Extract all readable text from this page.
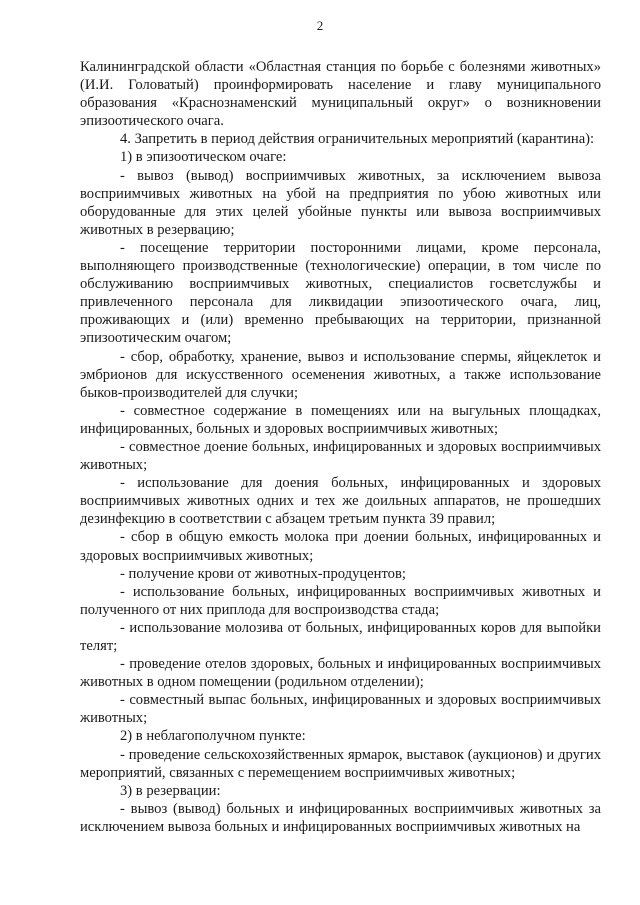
2

Калининградской области «Областная станция по борьбе с болезнями животных» (И.И. Головатый) проинформировать население и главу муниципального образования «Краснознаменский муниципальный округ» о возникновении эпизоотического очага.

4. Запретить в период действия ограничительных мероприятий (карантина):

1) в эпизоотическом очаге:

- вывоз (вывод) восприимчивых животных, за исключением вывоза восприимчивых животных на убой на предприятия по убою животных или оборудованные для этих целей убойные пункты или вывоза восприимчивых животных в резервацию;

- посещение территории посторонними лицами, кроме персонала, выполняющего производственные (технологические) операции, в том числе по обслуживанию восприимчивых животных, специалистов госветслужбы и привлеченного персонала для ликвидации эпизоотического очага, лиц, проживающих и (или) временно пребывающих на территории, признанной эпизоотическим очагом;

- сбор, обработку, хранение, вывоз и использование спермы, яйцеклеток и эмбрионов для искусственного осеменения животных, а также использование быков-производителей для случки;

- совместное содержание в помещениях или на выгульных площадках, инфицированных, больных и здоровых восприимчивых животных;

- совместное доение больных, инфицированных и здоровых восприимчивых животных;

- использование для доения больных, инфицированных и здоровых восприимчивых животных одних и тех же доильных аппаратов, не прошедших дезинфекцию в соответствии с абзацем третьим пункта 39 правил;

- сбор в общую емкость молока при доении больных, инфицированных и здоровых восприимчивых животных;

- получение крови от животных-продуцентов;

- использование больных, инфицированных восприимчивых животных и полученного от них приплода для воспроизводства стада;

- использование молозива от больных, инфицированных коров для выпойки телят;

- проведение отелов здоровых, больных и инфицированных восприимчивых животных в одном помещении (родильном отделении);

- совместный выпас больных, инфицированных и здоровых восприимчивых животных;

2) в неблагополучном пункте:

- проведение сельскохозяйственных ярмарок, выставок (аукционов) и других мероприятий, связанных с перемещением восприимчивых животных;

3) в резервации:

- вывоз (вывод) больных и инфицированных восприимчивых животных за исключением вывоза больных и инфицированных восприимчивых животных на
